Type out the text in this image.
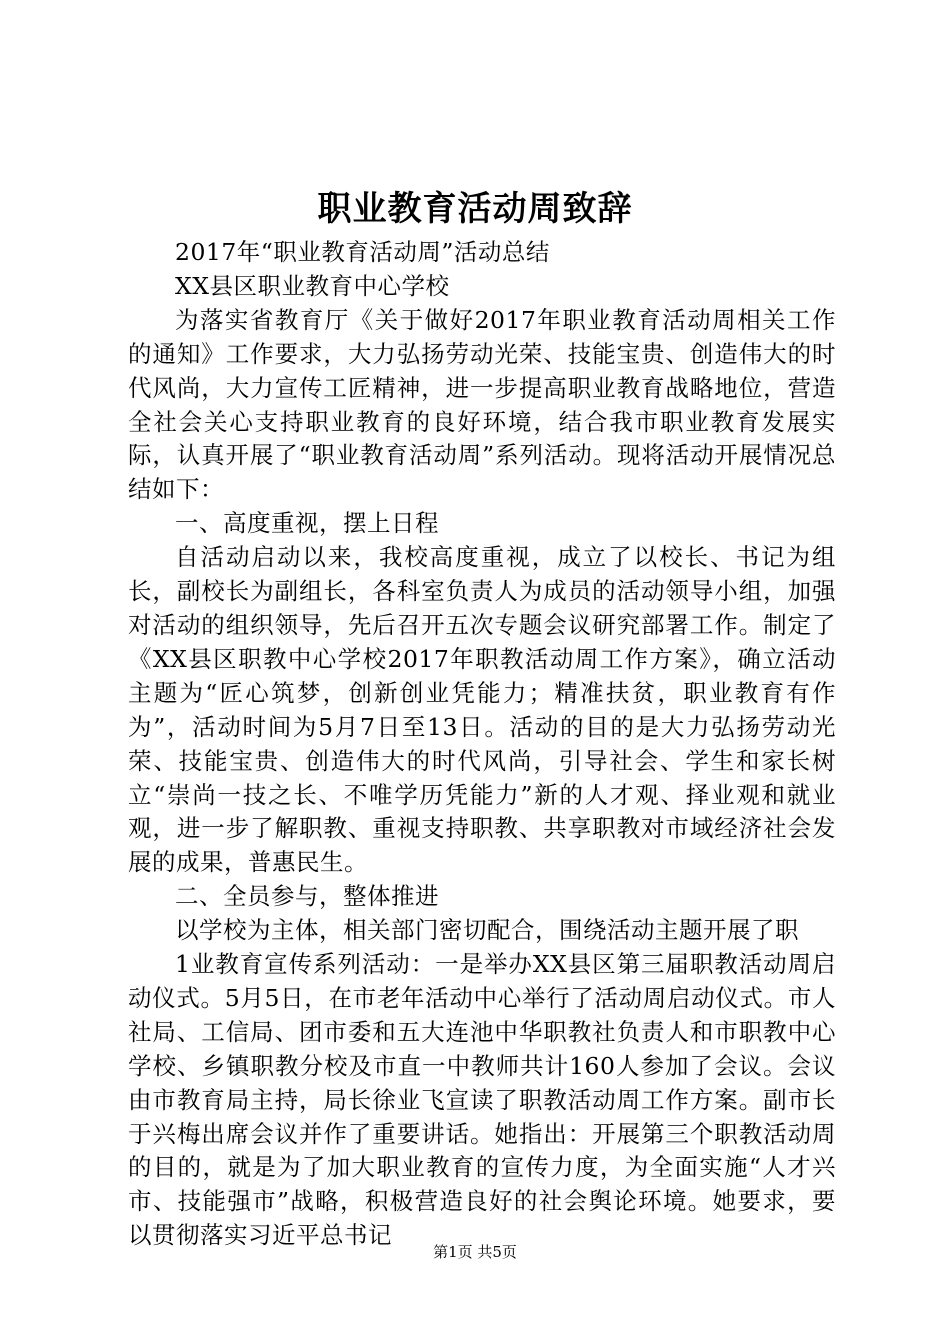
职业教育活动周致辞

2017年“职业教育活动周”活动总结

XX县区职业教育中心学校

为落实省教育厅《关于做好2017年职业教育活动周相关工作的通知》工作要求，大力弘扬劳动光荣、技能宝贵、创造伟大的时代风尚，大力宣传工匠精神，进一步提高职业教育战略地位，营造全社会关心支持职业教育的良好环境，结合我市职业教育发展实际，认真开展了“职业教育活动周”系列活动。现将活动开展情况总结如下：

一、高度重视，摆上日程

自活动启动以来，我校高度重视，成立了以校长、书记为组长，副校长为副组长，各科室负责人为成员的活动领导小组，加强对活动的组织领导，先后召开五次专题会议研究部署工作。制定了《XX县区职教中心学校2017年职教活动周工作方案》，确立活动主题为“匠心筑梦，创新创业凭能力；精准扶贫，职业教育有作为”，活动时间为5月7日至13日。活动的目的是大力弘扬劳动光荣、技能宝贵、创造伟大的时代风尚，引导社会、学生和家长树立“崇尚一技之长、不唯学历凭能力”新的人才观、择业观和就业观，进一步了解职教、重视支持职教、共享职教对市域经济社会发展的成果，普惠民生。

二、全员参与，整体推进

以学校为主体，相关部门密切配合，围绕活动主题开展了职

1业教育宣传系列活动：一是举办XX县区第三届职教活动周启动仪式。5月5日，在市老年活动中心举行了活动周启动仪式。市人社局、工信局、团市委和五大连池中华职教社负责人和市职教中心学校、乡镇职教分校及市直一中教师共计160人参加了会议。会议由市教育局主持，局长徐业飞宣读了职教活动周工作方案。副市长于兴梅出席会议并作了重要讲话。她指出：开展第三个职教活动周的目的，就是为了加大职业教育的宣传力度，为全面实施“人才兴市、技能强市”战略，积极营造良好的社会舆论环境。她要求，要以贯彻落实习近平总书记

第1页 共5页
